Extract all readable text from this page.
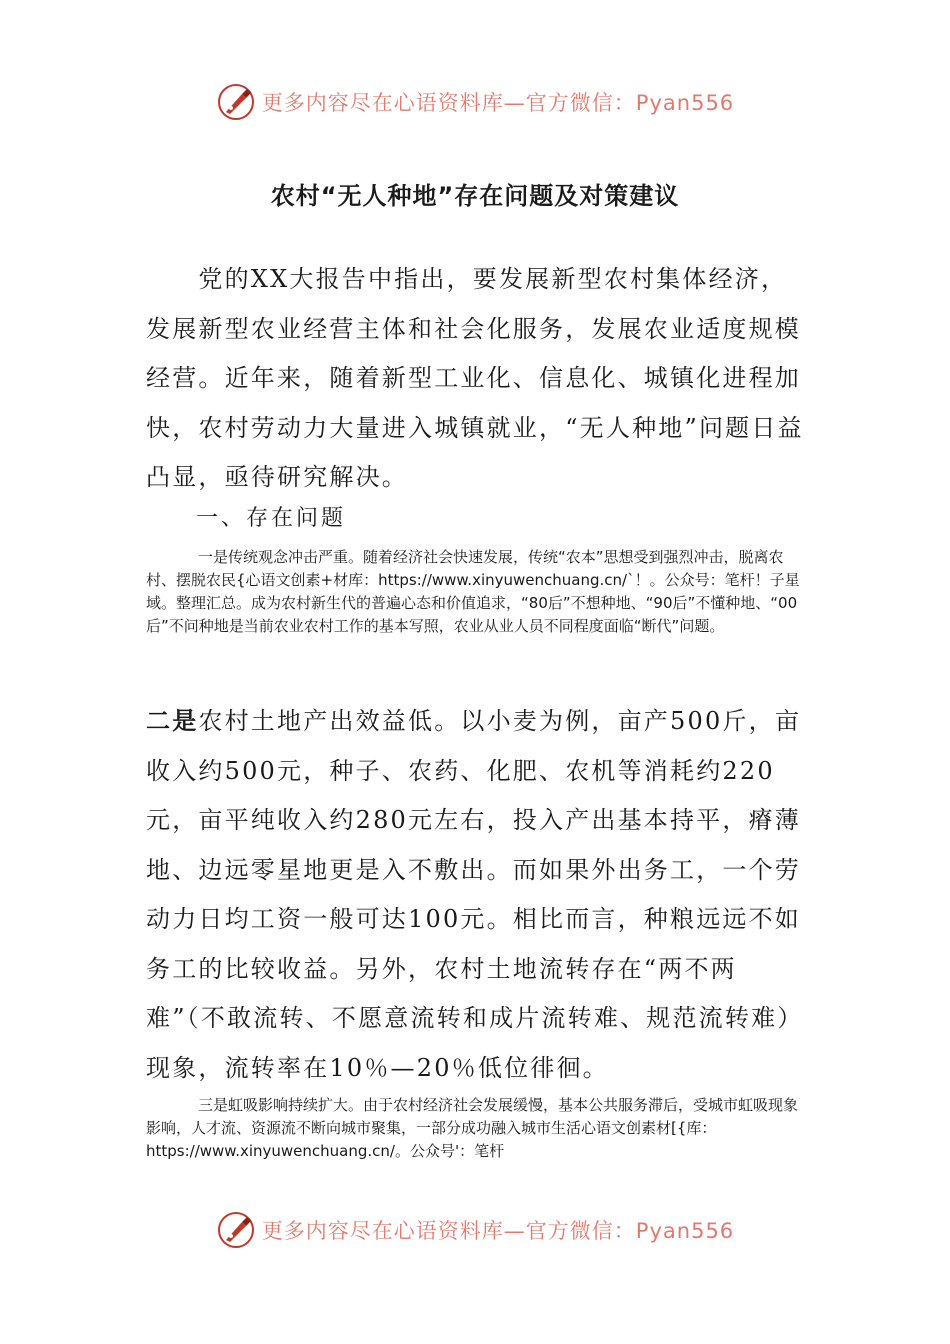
更多内容尽在心语资料库—官方微信：Pyan556
农村“无人种地”存在问题及对策建议

　　党的XX大报告中指出，要发展新型农村集体经济，发展新型农业经营主体和社会化服务，发展农业适度规模经营。近年来，随着新型工业化、信息化、城镇化进程加快，农村劳动力大量进入城镇就业，“无人种地”问题日益凸显，亟待研究解决。

一、存在问题

一是传统观念冲击严重。随着经济社会快速发展，传统“农本”思想受到强烈冲击，脱离农村、摆脱农民{心语文创素+材库：https://www.xinyuwenchuang.cn/`！。公众号：笔杆！子星域。整理汇总。成为农村新生代的普遍心态和价值追求，“80后”不想种地、“90后”不懂种地、“00后”不问种地是当前农业农村工作的基本写照，农业从业人员不同程度面临“断代”问题。

二是农村土地产出效益低。以小麦为例，亩产500斤，亩收入约500元，种子、农药、化肥、农机等消耗约220元，亩平纯收入约280元左右，投入产出基本持平，瘠薄地、边远零星地更是入不敷出。而如果外出务工，一个劳动力日均工资一般可达100元。相比而言，种粮远远不如务工的比较收益。另外，农村土地流转存在“两不两难”（不敢流转、不愿意流转和成片流转难、规范流转难）现象，流转率在10％—20％低位徘徊。

三是虹吸影响持续扩大。由于农村经济社会发展缓慢，基本公共服务滞后，受城市虹吸现象影响，人才流、资源流不断向城市聚集，一部分成功融入城市生活心语文创素材[{库：https://www.xinyuwenchuang.cn/。公众号'：笔杆

更多内容尽在心语资料库—官方微信：Pyan556
